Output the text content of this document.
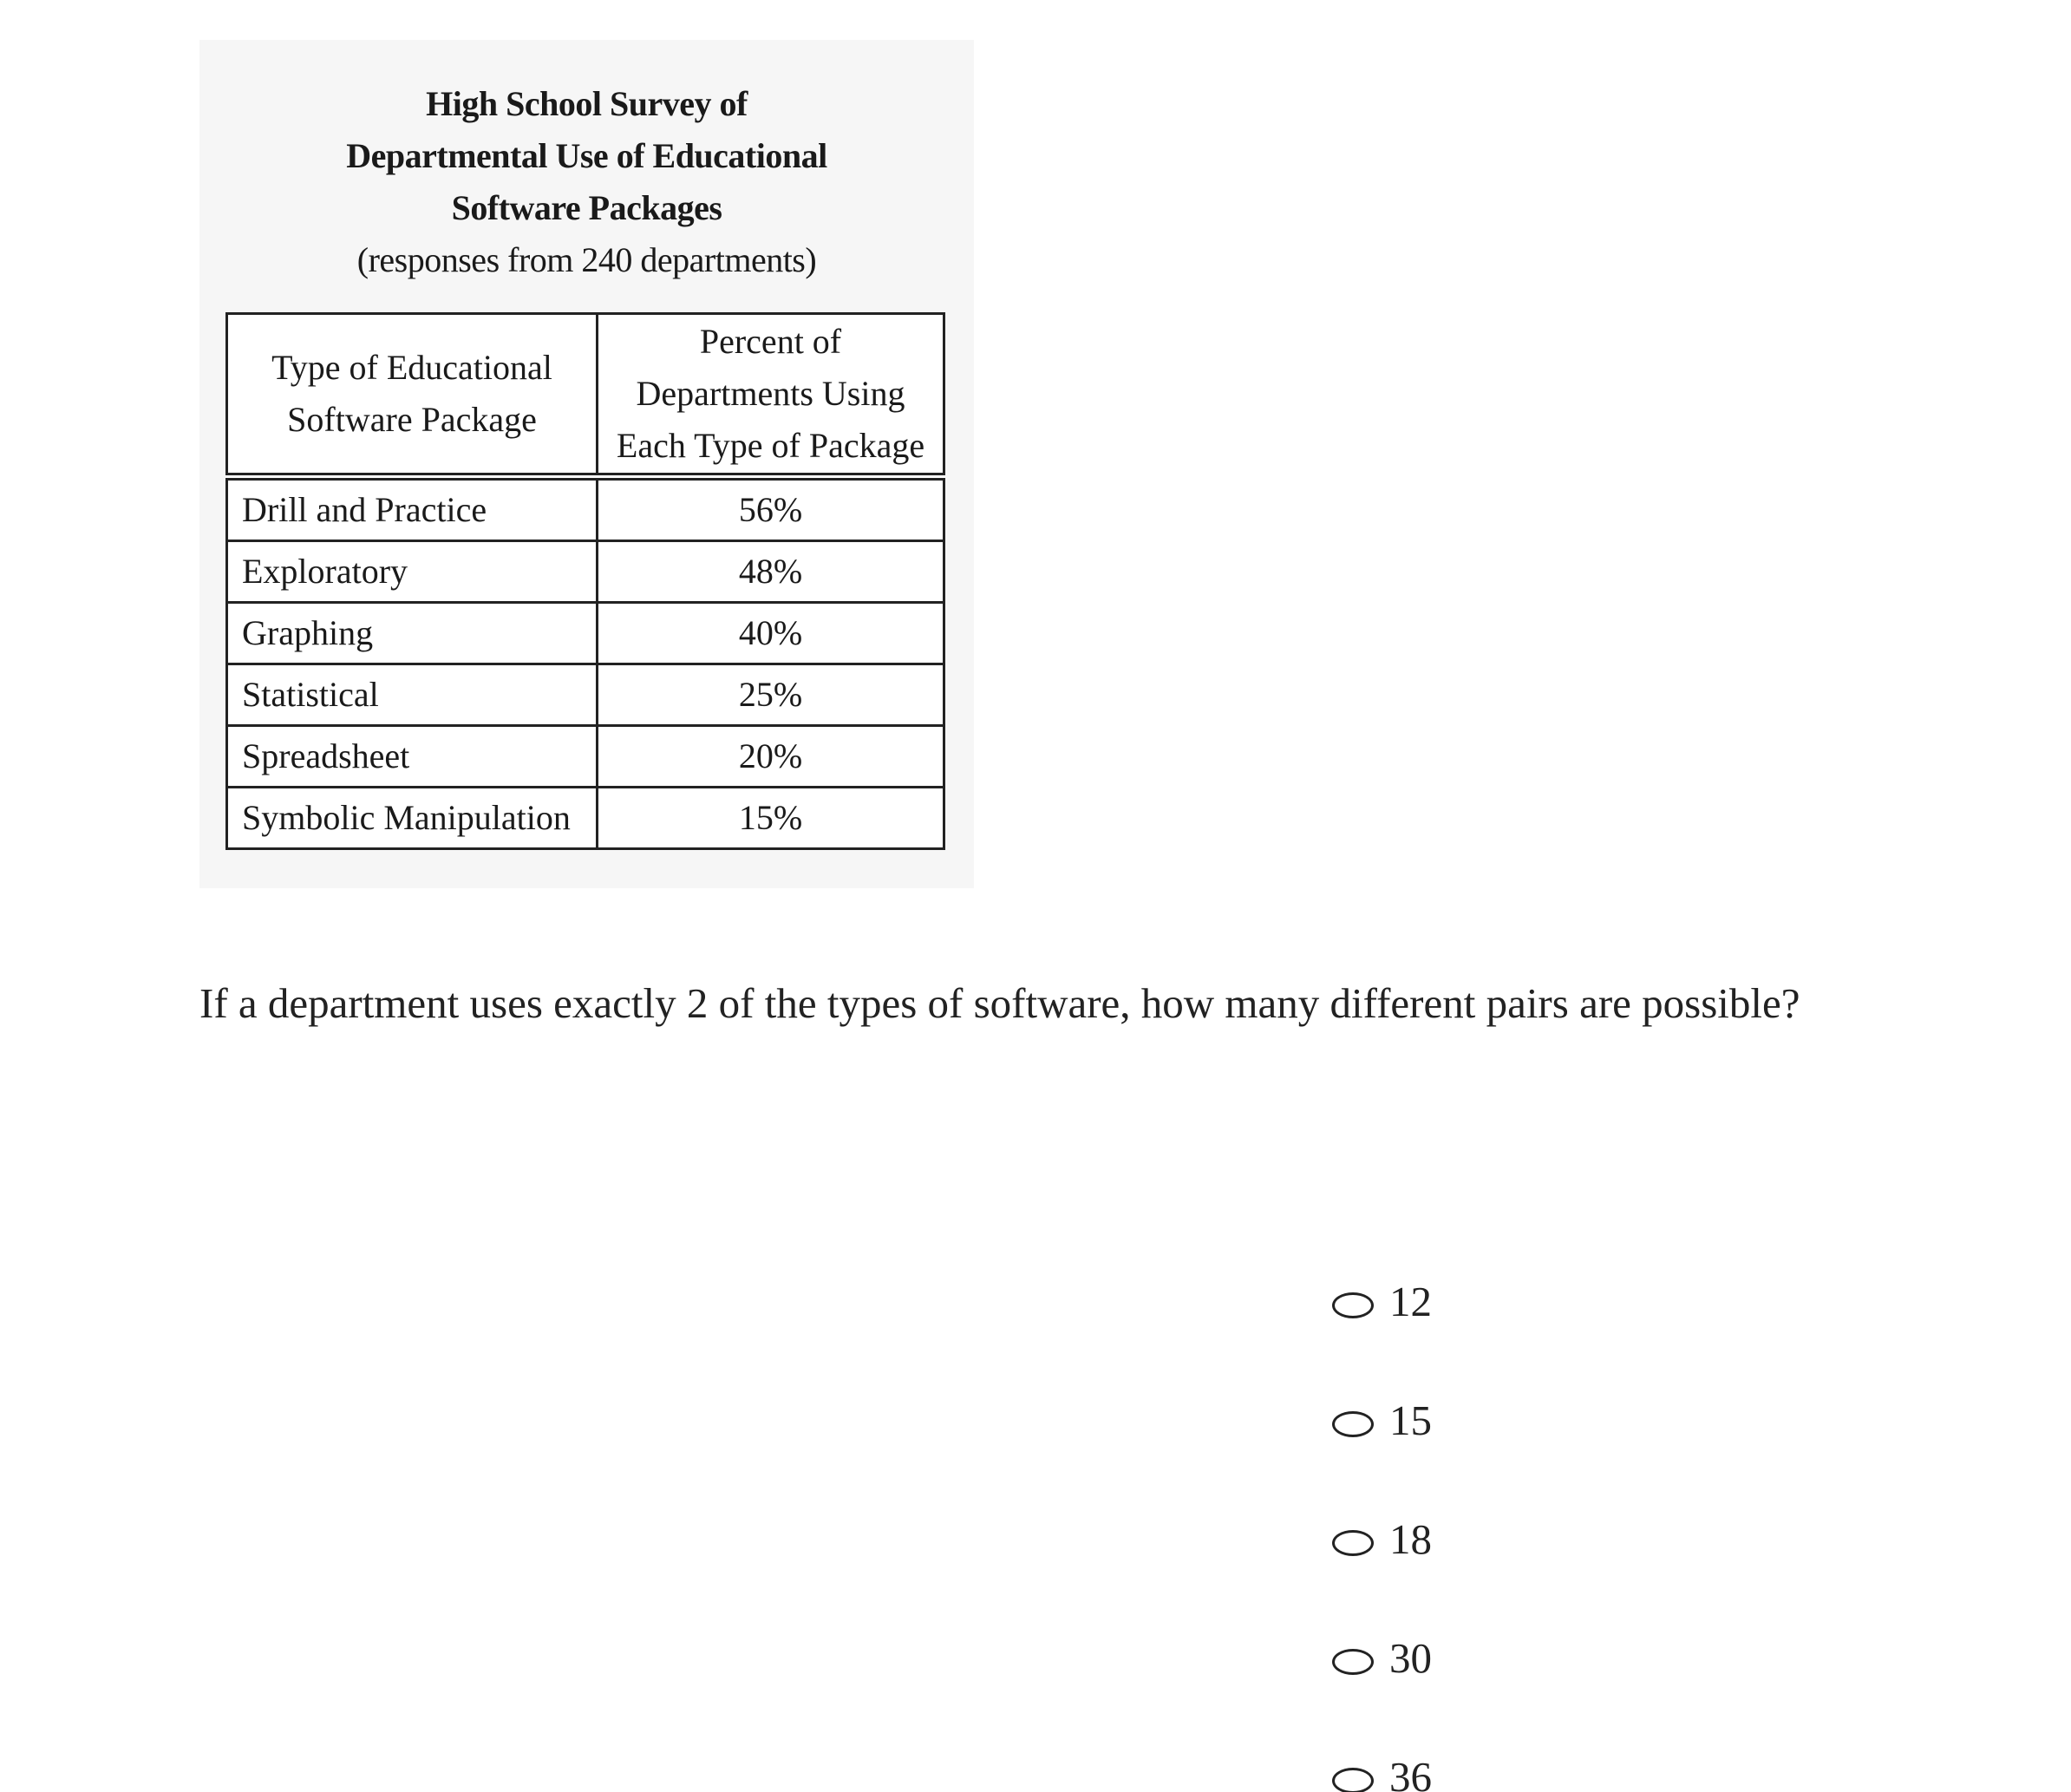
High School Survey of
Departmental Use of Educational
Software Packages
(responses from 240 departments)
Type of Educational
Software Package	Percent of
Departments Using
Each Type of Package
Drill and Practice	56%
Exploratory	48%
Graphing	40%
Statistical	25%
Spreadsheet	20%
Symbolic Manipulation	15%
If a department uses exactly 2 of the types of software, how many different pairs are possible?
12
15
18
30
36
